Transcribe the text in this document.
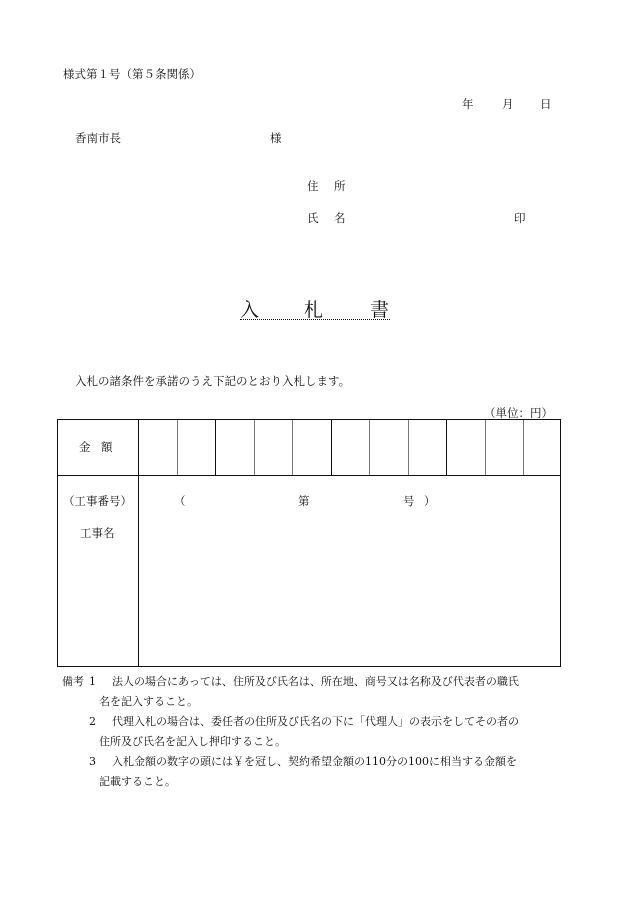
様式第１号（第５条関係）
年 月 日
香南市長	様
住 所
氏 名	印
入 札 書
入札の諸条件を承諾のうえ下記のとおり入札します。
（単位：円）
金 額
（工事番号）	（	第	号 ）
工事名
備考 1 法人の場合にあっては、住所及び氏名は、所在地、商号又は名称及び代表者の職氏
名を記入すること。
2 代理入札の場合は、委任者の住所及び氏名の下に「代理人」の表示をしてその者の
住所及び氏名を記入し押印すること。
3 入札金額の数字の頭には￥を冠し、契約希望金額の110分の100に相当する金額を
記載すること。
